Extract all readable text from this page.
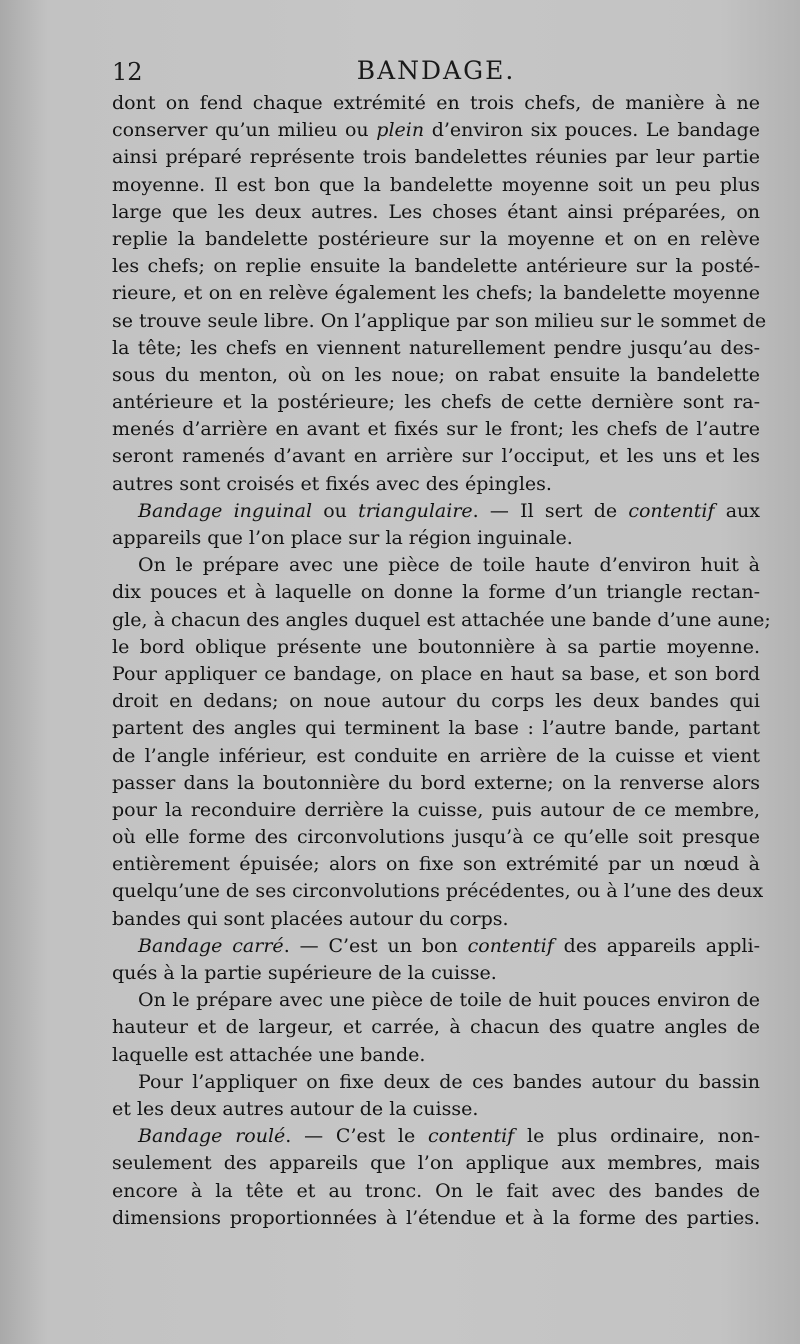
12	BANDAGE.
dont on fend chaque extrémité en trois chefs, de manière à ne
conserver qu’un milieu ou plein d’environ six pouces. Le bandage
ainsi préparé représente trois bandelettes réunies par leur partie
moyenne. Il est bon que la bandelette moyenne soit un peu plus
large que les deux autres. Les choses étant ainsi préparées, on
replie la bandelette postérieure sur la moyenne et on en relève
les chefs; on replie ensuite la bandelette antérieure sur la posté-
rieure, et on en relève également les chefs; la bandelette moyenne
se trouve seule libre. On l’applique par son milieu sur le sommet de
la tête; les chefs en viennent naturellement pendre jusqu’au des-
sous du menton, où on les noue; on rabat ensuite la bandelette
antérieure et la postérieure; les chefs de cette dernière sont ra-
menés d’arrière en avant et fixés sur le front; les chefs de l’autre
seront ramenés d’avant en arrière sur l’occiput, et les uns et les
autres sont croisés et fixés avec des épingles.
Bandage inguinal ou triangulaire. — Il sert de contentif aux
appareils que l’on place sur la région inguinale.
On le prépare avec une pièce de toile haute d’environ huit à
dix pouces et à laquelle on donne la forme d’un triangle rectan-
gle, à chacun des angles duquel est attachée une bande d’une aune;
le bord oblique présente une boutonnière à sa partie moyenne.
Pour appliquer ce bandage, on place en haut sa base, et son bord
droit en dedans; on noue autour du corps les deux bandes qui
partent des angles qui terminent la base : l’autre bande, partant
de l’angle inférieur, est conduite en arrière de la cuisse et vient
passer dans la boutonnière du bord externe; on la renverse alors
pour la reconduire derrière la cuisse, puis autour de ce membre,
où elle forme des circonvolutions jusqu’à ce qu’elle soit presque
entièrement épuisée; alors on fixe son extrémité par un nœud à
quelqu’une de ses circonvolutions précédentes, ou à l’une des deux
bandes qui sont placées autour du corps.
Bandage carré. — C’est un bon contentif des appareils appli-
qués à la partie supérieure de la cuisse.
On le prépare avec une pièce de toile de huit pouces environ de
hauteur et de largeur, et carrée, à chacun des quatre angles de
laquelle est attachée une bande.
Pour l’appliquer on fixe deux de ces bandes autour du bassin
et les deux autres autour de la cuisse.
Bandage roulé. — C’est le contentif le plus ordinaire, non-
seulement des appareils que l’on applique aux membres, mais
encore à la tête et au tronc. On le fait avec des bandes de
dimensions proportionnées à l’étendue et à la forme des parties.
